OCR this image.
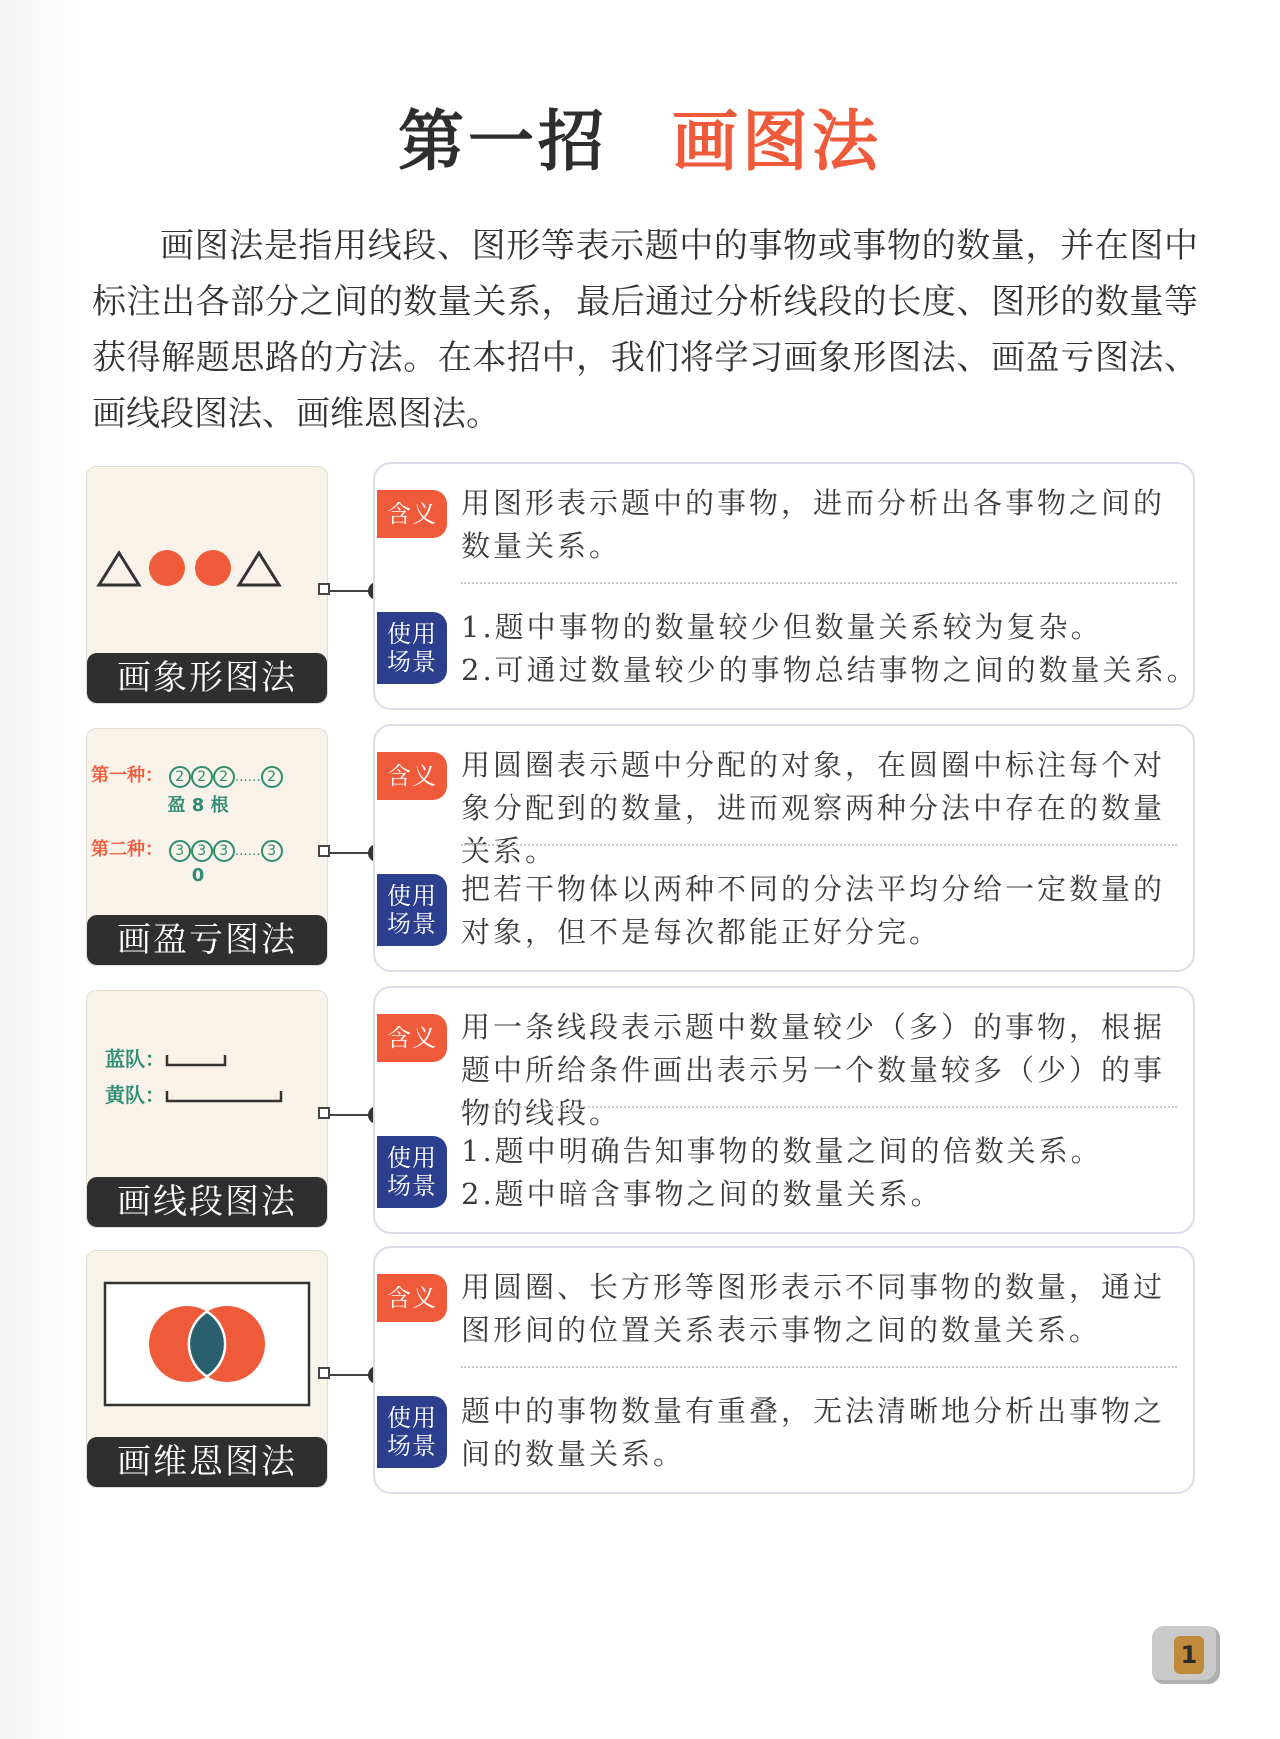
第一招 画图法
画图法是指用线段、图形等表示题中的事物或事物的数量，并在图中标注出各部分之间的数量关系，最后通过分析线段的长度、图形的数量等获得解题思路的方法。在本招中，我们将学习画象形图法、画盈亏图法、画线段图法、画维恩图法。
画象形图法
含义 用图形表示题中的事物，进而分析出各事物之间的数量关系。
使用
场景
1.题中事物的数量较少但数量关系较为复杂。
2.可通过数量较少的事物总结事物之间的数量关系。
第一种： 2 2 2 …… 2
盈 8 根
第二种： 3 3 3 …… 3
0
画盈亏图法
含义 用圆圈表示题中分配的对象，在圆圈中标注每个对象分配到的数量，进而观察两种分法中存在的数量关系。
使用
场景
把若干物体以两种不同的分法平均分给一定数量的对象，但不是每次都能正好分完。
蓝队：
黄队：
画线段图法
含义 用一条线段表示题中数量较少（多）的事物，根据题中所给条件画出表示另一个数量较多（少）的事物的线段。
使用
场景
1.题中明确告知事物的数量之间的倍数关系。
2.题中暗含事物之间的数量关系。
画维恩图法
含义 用圆圈、长方形等图形表示不同事物的数量，通过图形间的位置关系表示事物之间的数量关系。
使用
场景
题中的事物数量有重叠，无法清晰地分析出事物之间的数量关系。
1
